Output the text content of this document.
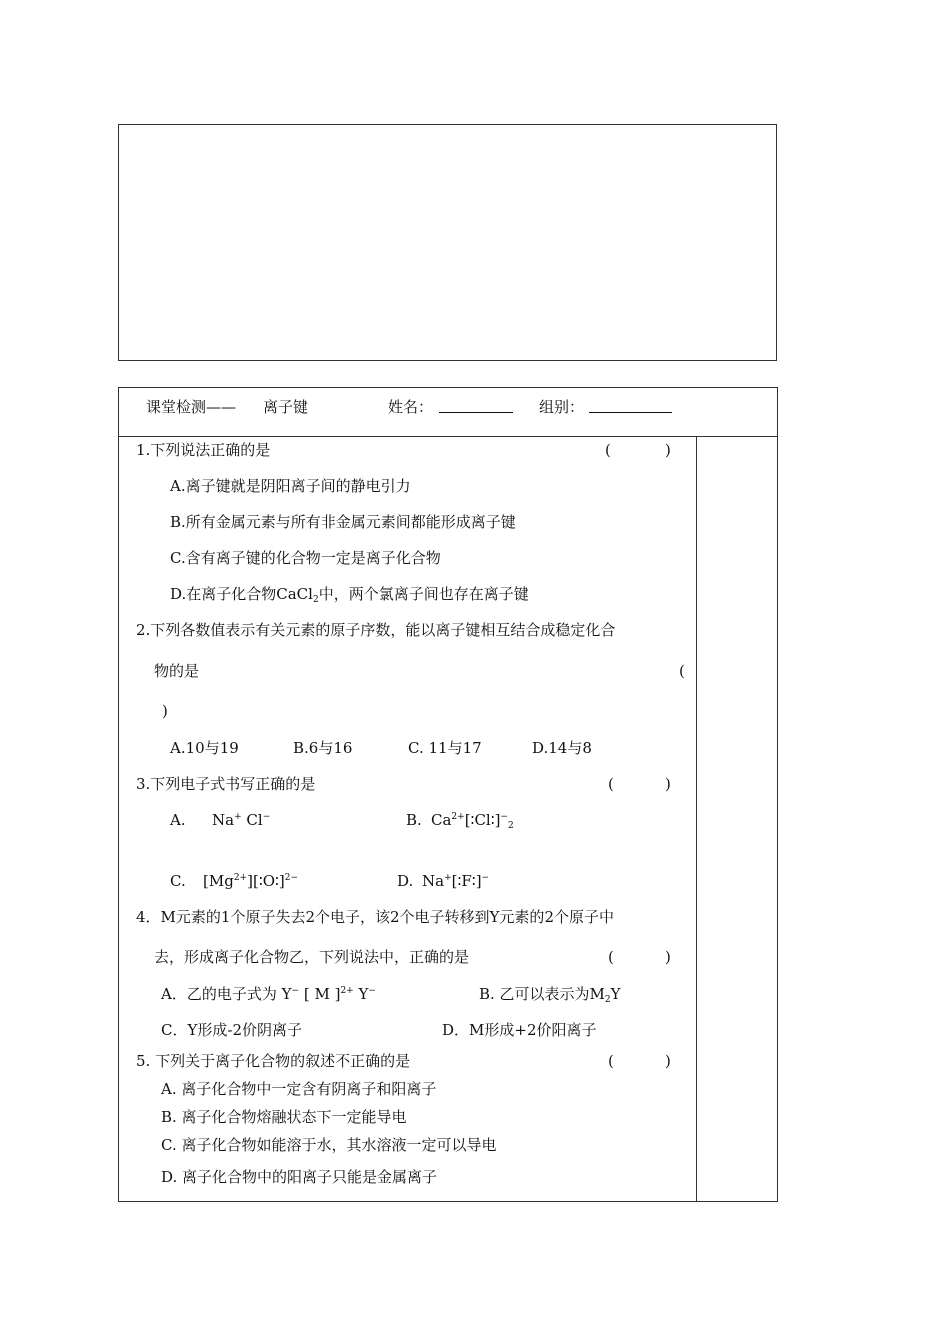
课堂检测—— 离子键	姓名：	组别：
1.下列说法正确的是	(	)
A.离子键就是阴阳离子间的静电引力
B.所有金属元素与所有非金属元素间都能形成离子键
C.含有离子键的化合物一定是离子化合物
D.在离子化合物CaCl$_2$中，两个氯离子间也存在离子键
2.下列各数值表示有关元素的原子序数，能以离子键相互结合成稳定化合
物的是	(
)
A.10与19	B.6与16	C. 11与17	D.14与8
3.下列电子式书写正确的是	(	)
A. Na+ Cl−	B. $Ca^{2+}[∶Cl∶]^-_2$
C. $[Mg^{2+}][∶O∶]^{2-}$	D. Na+[∶F∶]−
4．M元素的1个原子失去2个电子，该2个电子转移到Y元素的2个原子中
去，形成离子化合物乙，下列说法中，正确的是	(	)
A．乙的电子式为 Y− [ M ]$^{2+}$ Y−	B. 乙可以表示为$M_2Y$
C．Y形成-2价阴离子	D．M形成+2价阳离子
5. 下列关于离子化合物的叙述不正确的是	(	)
A. 离子化合物中一定含有阴离子和阳离子
B. 离子化合物熔融状态下一定能导电
C. 离子化合物如能溶于水，其水溶液一定可以导电
D. 离子化合物中的阳离子只能是金属离子
